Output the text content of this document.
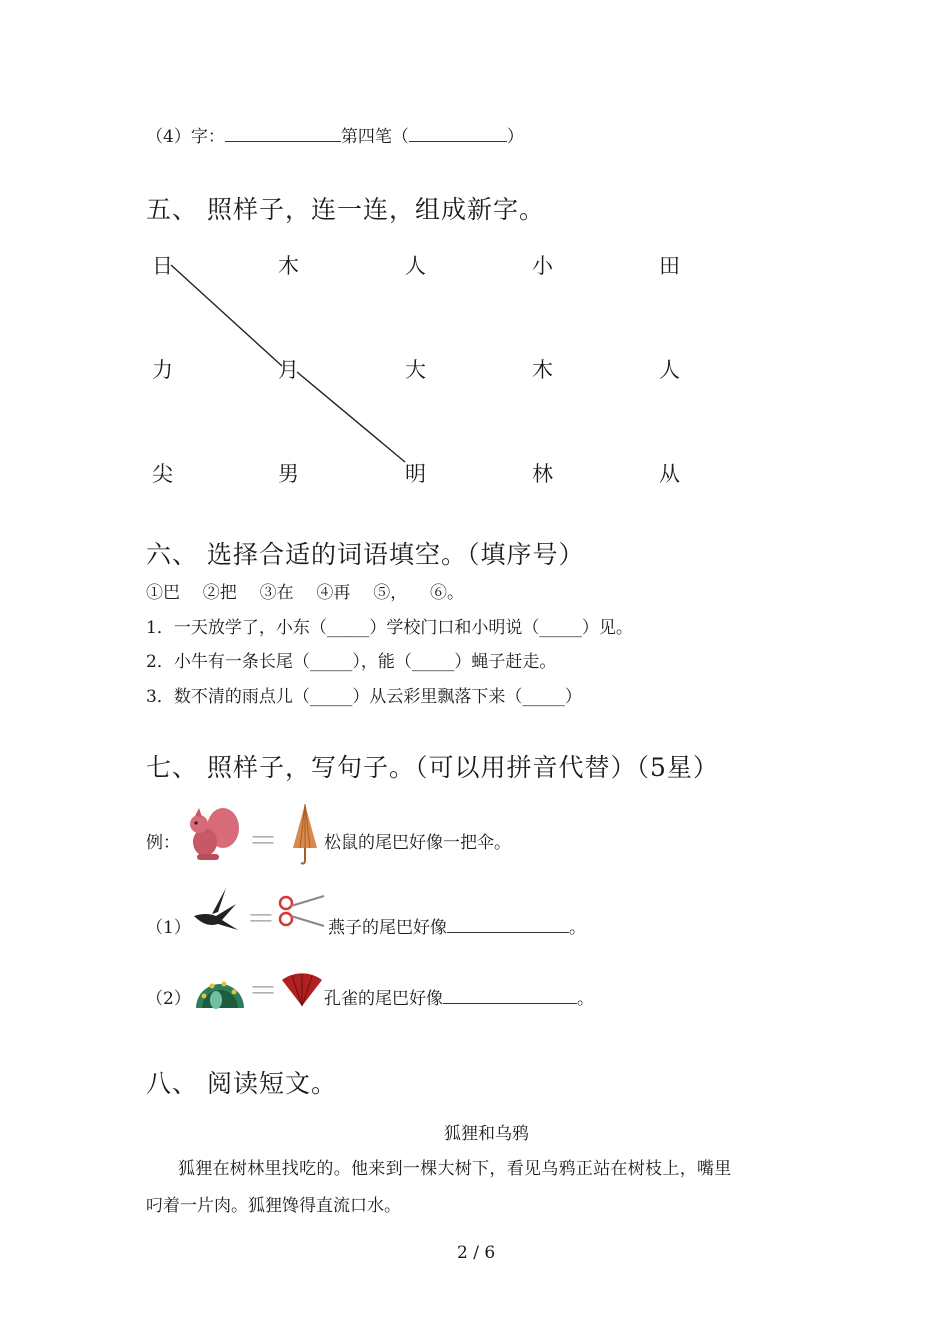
（4）字：	第四笔（	）
五、 照样子，连一连，组成新字。
日	木	人	小	田
力	月	大	木	人
尖	男	明	林	从
六、 选择合适的词语填空。（填序号）
①巴  ②把  ③在  ④再  ⑤，  ⑥。
1．一天放学了，小东（_____）学校门口和小明说（_____）见。
2．小牛有一条长尾（_____），能（_____）蝇子赶走。
3．数不清的雨点儿（_____）从云彩里飘落下来（_____）
七、 照样子，写句子。（可以用拼音代替）（5星）
例： ＝	松鼠的尾巴好像一把伞。
（1） ＝	燕子的尾巴好像	。
（2） ＝	孔雀的尾巴好像	。
八、 阅读短文。
狐狸和乌鸦
狐狸在树林里找吃的。他来到一棵大树下，看见乌鸦正站在树枝上，嘴里
叼着一片肉。狐狸馋得直流口水。
2 / 6
